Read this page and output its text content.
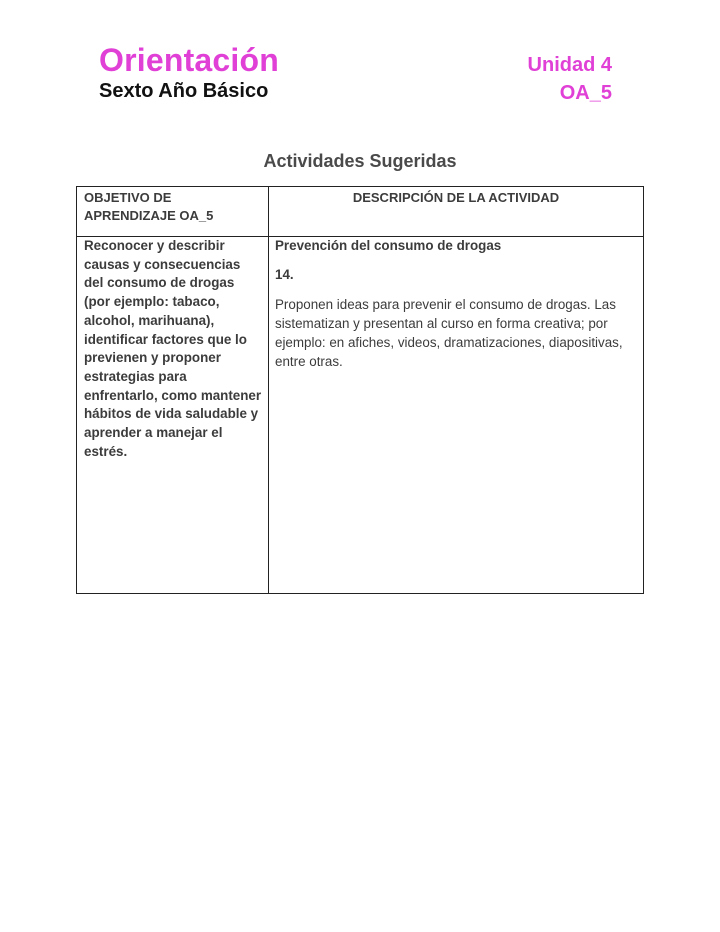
Orientación
Sexto Año Básico
Unidad 4
OA_5
Actividades Sugeridas
OBJETIVO DE APRENDIZAJE OA_5
DESCRIPCIÓN DE LA ACTIVIDAD
Reconocer y describir causas y consecuencias del consumo de drogas (por ejemplo: tabaco, alcohol, marihuana), identificar factores que lo previenen y proponer estrategias para enfrentarlo, como mantener hábitos de vida saludable y aprender a manejar el estrés.
Prevención del consumo de drogas
14.
Proponen ideas para prevenir el consumo de drogas. Las sistematizan y presentan al curso en forma creativa; por ejemplo: en afiches, videos, dramatizaciones, diapositivas, entre otras.
